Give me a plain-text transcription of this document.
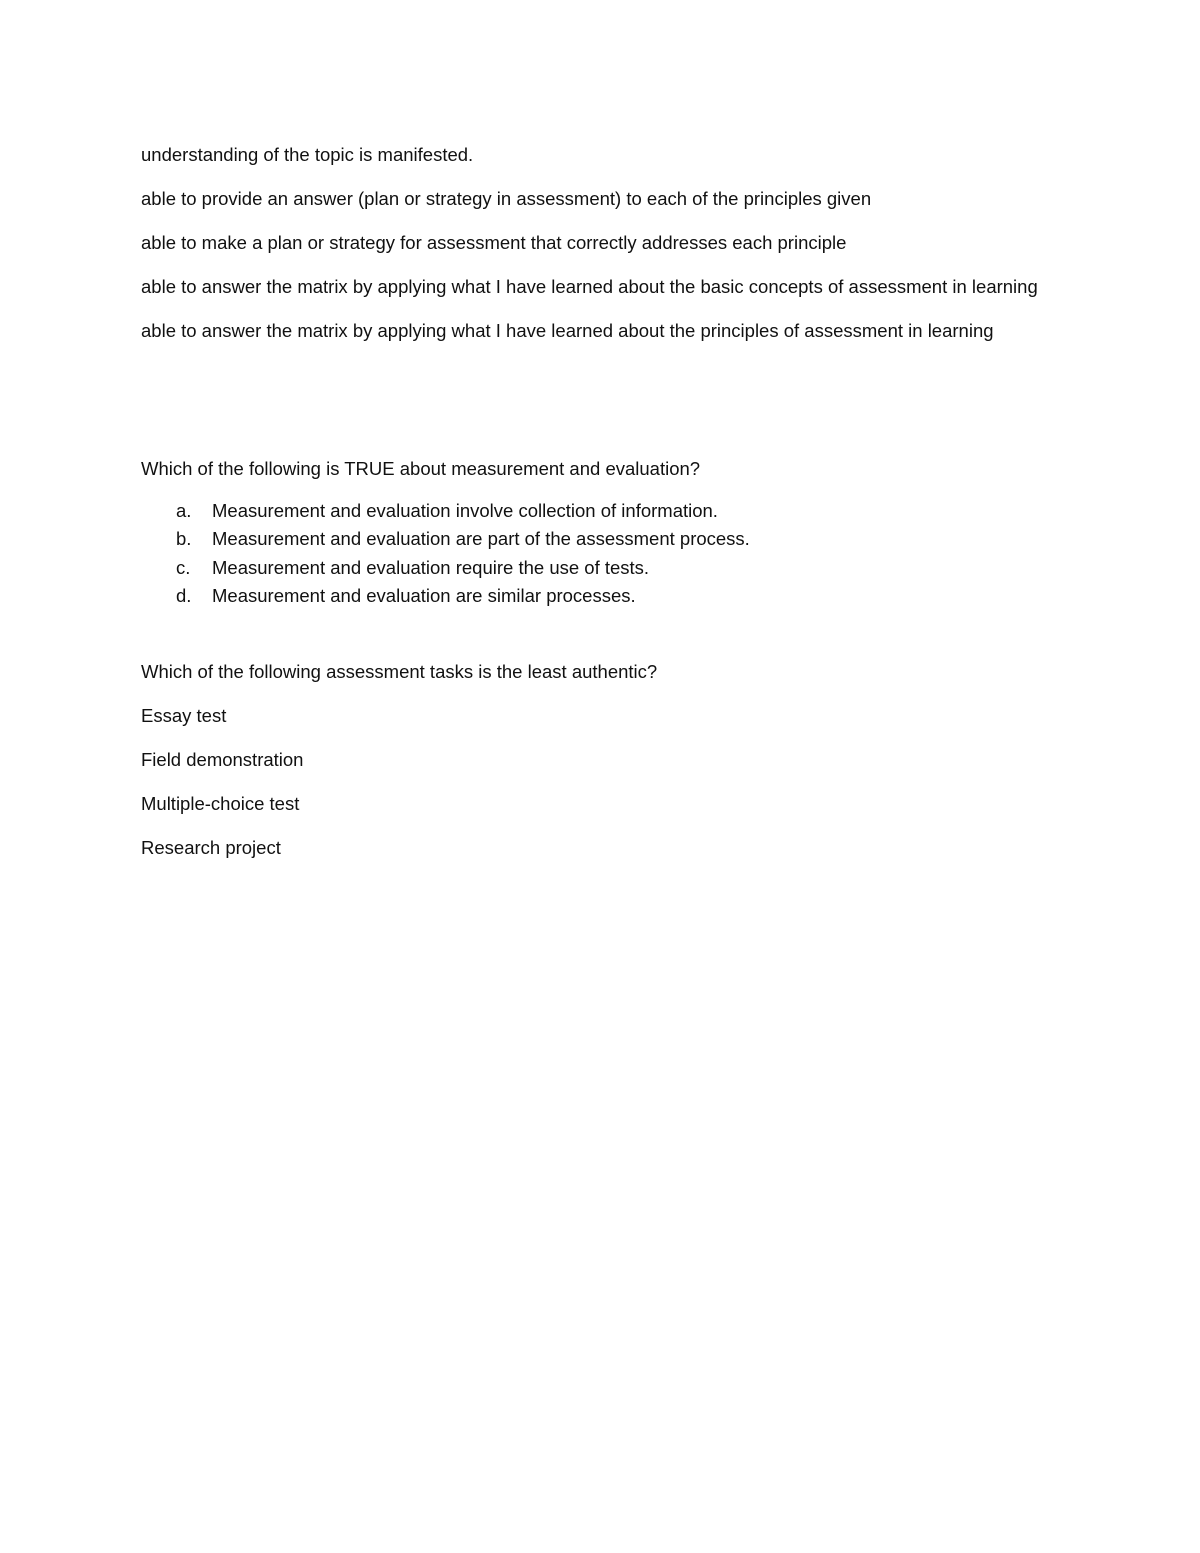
understanding of the topic is manifested.

able to provide an answer (plan or strategy in assessment) to each of the principles given

able to make a plan or strategy for assessment that correctly addresses each principle

able to answer the matrix by applying what I have learned about the basic concepts of assessment in learning

able to answer the matrix by applying what I have learned about the principles of assessment in learning

Which of the following is TRUE about measurement and evaluation?

a.	Measurement and evaluation involve collection of information.
b.	Measurement and evaluation are part of the assessment process.
c.	Measurement and evaluation require the use of tests.
d.	Measurement and evaluation are similar processes.

Which of the following assessment tasks is the least authentic?

Essay test

Field demonstration

Multiple-choice test

Research project
